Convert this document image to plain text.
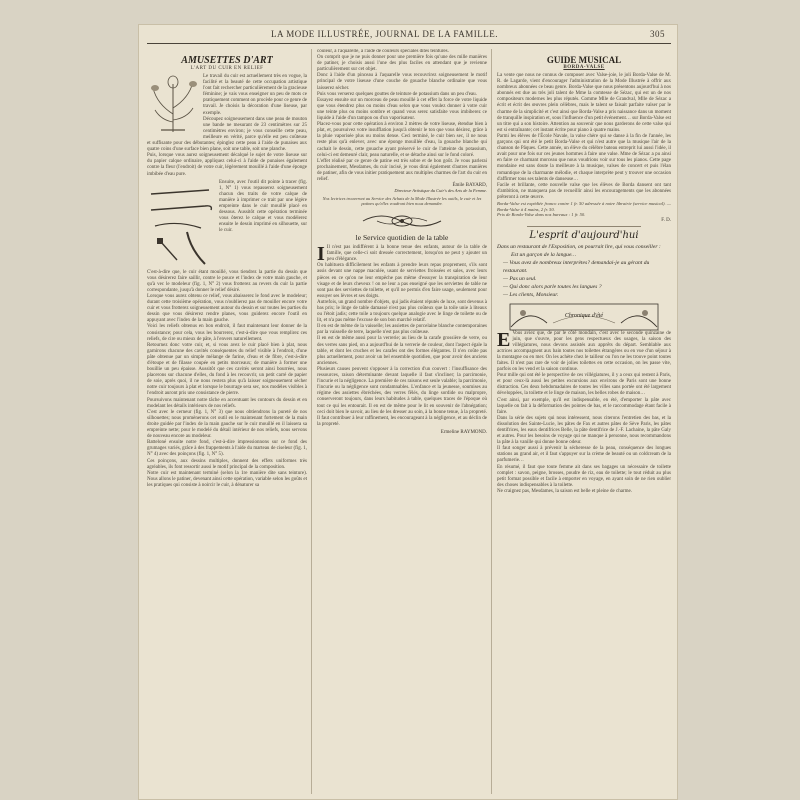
LA MODE ILLUSTRÉE, JOURNAL DE LA FAMILLE.	305
AMUSETTES D'ART
L'ART DU CUIR EN RELIEF

Le travail du cuir est actuellement très en vogue, la facilité et la beauté de cette occupation artistique l'ont fait rechercher particulièrement de la gracieuse féminine; je vais vous enseigner un peu de mots ce pratiquement comment on procède pour ce genre de travail. Je choisis la décoration d'une liseuse, par exemple.

Découpez soigneusement dans une peau de mouton une bande ne mesurant de 23 centimètres sur 25 centimètres environ; je vous conseille cette peau, meilleure en vérité, parce qu'elle est peu coûteuse et suffisante pour des débutantes; épinglez cette peau à l'aide de punaises aux quatre coins d'une surface bien plane, soit une table, soit une planche.

Puis, lorsque vous aurez soigneusement décalqué le sujet de votre liseuse sur du papier calque ordinaire, appliquez celui-ci à l'aide de punaises également contre la fleur (l'endroit) de votre cuir, légèrement mouillé à l'aide d'une éponge imbibée d'eau pure.

Ensuite, avec l'outil dit pointe à tracer (fig. 1, N° 1) vous repasserez soigneusement chacun des traits de votre calque de manière à imprimer ce trait par une légère empreinte dans le cuir mouillé placé en dessous. Aussitôt cette opération terminée vous ôterez le calque et vous modèlerez ensuite le dessin imprimé en silhouette, sur le cuir.

C'est-à-dire que, le cuir étant mouillé, vous tiendrez la partie du dessin que vous désirerez faire saillir, contre le pouce et l'index de votre main gauche, et qu'à vec le modeleur (fig. 1, N° 2) vous frotterez au revers du cuir la partie correspondante, jusqu'à donner le relief désiré.

Lorsque vous aurez obtenu ce relief, vous abaisserez le fond avec le modeleur; durant cette troisième opération, vous n'oublierez pas de mouiller encore votre cuir et vous frotterez soigneusement autour du dessin et sur toutes les parties du dessin que vous désirerez rendre planes, vous guiderez encore l'outil en appuyant avec l'index de la main gauche.

Voici les reliefs obtenus en bon endroit, il faut maintenant leur donner de la consistance; pour cela, vous les bourrerez, c'est-à-dire que vous remplirez ces reliefs, de cire ou mieux de pâte, à l'envers naturellement.

Retournez donc votre cuir, et, si vous avez le cuir placé bien à plat, nous garnirons chacune des cavités conséquentes du relief visible à l'endroit, d'une pâte obtenue par un simple mélange de farine, d'eau et de fibre, c'est-à-dire d'étoupe et de filasse coupée en petits morceaux; de manière à former une bouillie un peu épaisse. Aussitôt que ces cavités seront ainsi bourrées, nous placerons sur chacune d'elles, du fond à les recouvrir, un petit carré de papier de soie, après quoi, il ne nous restera plus qu'à laisser soigneusement sécher notre cuir toujours à plat et lorsque le bourrage sera sec, nos modèles visibles à l'endroit auront pris une consistance de pierre.

Poursuivons maintenant notre tâche en accentuant les contours du dessin et en modelant les détails intérieurs de nos reliefs.

C'est avec le cerneur (fig. 1, N° 3) que nous obtiendrons la pureté de nos silhouettes; nous promènerons cet outil en le maintenant fortement de la main droite guidée par l'index de la main gauche sur le cuir mouillé en il laissera sa empreinte nette; pour le modelé du détail intérieur de nos reliefs, nous servons de nouveau encore au modeleur.

Batteloné ensuite notre fond, c'est-à-dire impressionnons sur ce fond des grumages variés, grâce à des frappements à l'aide du marteau de ciseleur (fig. 1, N° 4) avec des poinçons (fig. 1, N° 5).

Ces poinçons, aux dessins multiples, donnent des effets uniformes très agréables, ils font ressortir aussi le motif principal de la composition.

Notre cuir est maintenant terminé (selon la 1re manière dite sans teinture). Nous allons le patiner, devenant ainsi cette opération, variable selon les goûts et les pratiques qui consiste à noircir le cuir, à dénaturer sa

couleur, à l'aquarelle, à l'aide de couleurs spéciales dites teintures.

On comprit que je ne puis donner pour une première fois qu'une des mille manières de patiner, je choisis aussi l'une des plus faciles en attendant que je revienne particulièrement sur cet objet.

Donc à l'aide d'un pinceau à l'aquarelle vous recouvrirez soigneusement le motif principal de votre liseuse d'une couche de gouache blanche ordinaire que vous laisserez sécher.

Puis vous verserez quelques gouttes de teinture de potassium dans un peu d'eau.

Essayez ensuite sur un morceau de peau mouillé à cet effet la force de votre liquide que vous étendrez plus ou moins d'eau selon que vous voulez donner à votre cuir une teinte plus ou moins sombre et quand vous serez satisfaite vous imbiberez ce liquide à l'aide d'un tampon ou d'un vaporisateur.

Placez-vous pour cette opération à environ 2 mètres de votre liseuse, étendue bien à plat, et, poursuivez votre insufflation jusqu'à obtenir le ton que vous désirez, grâce à la pluie vaporisée plus ou moins dense. Ceci terminé, le cuir bien sec, il ne nous reste plus qu'à enlever, avec une éponge mouillée d'eau, la gouache blanche qui cachait le dessin, cette gouache ayant préservé le cuir de l'atteinte du potassium, celui-ci est demeuré clair, peau naturelle, et se détache ainsi sur le fond coloré.

L'effet réalisé par ce genre de patine est très sobre et de bon goût. Je vous parlerai prochainement, Mesdames, du cuir incisé, je vous dirai également d'autres manières de patiner, afin de vous initier pratiquement aux multiples charmes de l'art du cuir en relief.

Émile BAYARD,
Directeur Artistique du Cuir's des Arts de la Femme.

Nos lectrices trouveront au Service des Achats de la Mode Illustrée les outils, le cuir et les patines qu'elles voudront bien nous demander.

le Service quotidien de la table

I Il n'est pas indifférent à la bonne tenue des enfants, autour de la table de famille, que celle-ci soit dressée correctement, lorsqu'on ne peut y ajouter un peu d'élégance.

On habituera difficilement les enfants à prendre leurs repas proprement, s'ils sont assis devant une nappe maculée, usant de serviettes froissées et sales, avec leurs pièces en ce qu'on ne leur empêche pas même d'essuyer la transpiration de leur visage et de leurs cheveux ! on ne leur a pas enseigné que les serviettes de table ne sont pas des serviettes de toilette, et qu'il ne permis d'en faire usage, seulement pour essuyer ses lèvres et ses doigts.

Autrefois, un grand nombre d'objets, qui jadis étaient réputés de luxe, sont devenus à bas prix; le linge de table damassé n'est pas plus coûteux que la toile unie à liteaux ou l'étoit jadis; cette toile a toujours quelque analogie avec le linge de toilette ou de lit, et n'a pas même l'excuse de son bon marché relatif.

Il en est de même de la vaisselle; les assiettes de porcelaine blanche contemporaines par la vaisselle de terre, laquelle n'est pas plus coûteuse.

Il en est de même aussi pour la verrerie; au lieu de la carafe grossière de verre, ou des verres sans pied, on a aujourd'hui de la verrerie de couleur, dont l'aspect égale la table, et dont les cruches et les carafes ont des formes élégantes. Il n'en coûte pas plus actuellement, pour avoir un bel ensemble quotidien, que pour avoir des anciens anciennes.

Plusieurs causes peuvent s'opposer à la correction d'un couvert : l'insuffisance des ressources, raison déterminante devant laquelle il faut s'incliner; la parcimonie, l'incurie et la négligence. La première de ces raisons est seule valable; la parcimonie, l'incurie ou la négligence sont condamnables. L'enfance et la jeunesse, soumises au régime des assiettes ébréchées, des verres fêlés, du linge sordide ou malpropre, conserveront toujours, dans leurs habitudes à table, quelques traces de l'époque où tout ce qui les entourait. Il en est de même pour le lit en souvenir de l'abnégation; ceci doit bien le savoir, au lieu de les dresser au soin, à la bonne tenue, à la propreté. Il faut contribuer à leur raffinement, les encourageant à la négligence, et au déclin de la propreté.

Ermeline RAYMOND.
GUIDE MUSICAL
BORDA-VALSE

La vente que nous ne connus de composer avec Valse-joie, le joli Borda-Valse de M. R. de Lagarde, vient d'encourager l'administration de la Mode Illustrée à offrir aux nombreux abonnées ce beau genre. Borda-Valse que nous présentons aujourd'hui à nos abonnés est due au très joli talent de Mme la comtesse de Sézac, qui est un de nos compositeurs modernes les plus réputés. Comme Mlle de Grandval, Mlle de Sézac a écrit et écrit des œuvres plein célèbres, mais le talent se faisait parfaite valser par le charme de la simplicité et c'est ainsi que Borda-Valse a pris naissance dans un moment de tranquille inspiration et, sous l'influence d'un petit événement… sur Borda-Valse est un titre qui a son histoire. Attention au souvenir que nous garderons de cette valse qui est si entraînante; cet instant écrite pour piano à quatre mains.

Parmi les élèves de l'École Navale, la valse chère qui se danse à la fin de l'année, les garçons qui ont été le petit Borda-Valse et qui n'est autre que la musique l'air de la chanson de Pâques. Cette année, un élève du célèbre bateau entreprit lui aussi l'idée, il avait pour une fois sur ces jeunes hommes à faire une valse. Mme de Sézac a pu ainsi en faire ce charmant morceau que nous voudrions voir sur tous les pianos. Cette page mondaine est sans doute la meilleure à la musique, valses de concert et puis l'élan romantique de la charmante mélodie, et chaque interprète peut y trouver une occasion d'affirmer tous ses talents de danseuse…

Facile et brillante, cette nouvelle valse que les élèves de Borda dansent ont tant d'ambition, ne manquera pas de recueillir ainsi les encouragements que les abonnées prêteront à cette œuvre.

Borda-Valse est expédiée franco contre 1 fr. 50 adressée à notre librairie (service musical). — Borda-Valse à 4 mains, 2 fr. 50.

Prix de Borda-Valse dans nos bureaux : 1 fr. 50.

F. D.
L'esprit d'aujourd'hui
Dans un restaurant de l'Exposition, on pourrait lire, qui vous conseiller :
Est un garçon de la langue…
— Vous avez de nombreux interprètes? demandai-je au gérant du restaurant.
— Pas un seul.
— Qui donc alors parle toutes les langues ?
— Les clients, Monsieur.
Chronique d'été

E Vous aviez que, de par le côté mondain, c'est avec le seconde quinzaine de juin, que s'ouvre, pour les gens respectueux des usages, la saison des villégiatures, nous devons assistés aux apprêts du départ. Semblable aux actrices accompagnent aux bain toutes nos toilettes étrangères ou en vue d'un séjour à la montagne ou en mer. On les achète chez le tailleur ou l'on ne les trouve point toutes faites. Il n'est pas rare de voir de jolies toilettes en cette occasion, on les passe vite, parfois on les vend et la saison continue.

Pour mille qui ont été le perspective de ces villégiatures, il y a ceux qui restent à Paris, et pour ceux-là aussi les petites excursions aux environs de Paris sont une bonne distraction. Ces deux hebdomadaires de toutes les villes sans portée ont été largement développées, la toilette et le linge de maison, les belles robes de maison…

C'est ainsi, par exemple, qu'il est indispensable, en été, d'emporter la pâte avec laquelle on fait à la déformation des pointes de bas, et le raccommodage étant facile à faire.

Dans la série des sujets qui nous intéressent, nous citerons l'entretien des bas, et la dissolution des Sainte-Lucie, les pâtes de Fax et autres pâtes de Sève Paris, les pâtes dentifrices, les eaux dentifrices Belle, la pâte dentifrice de J.-F. Lachaine, la pâte Galy et autres. Pour les besoins de voyage qui ne manque à personne, nous recommandons la pâte à la vanille qui donne bonne odeur.

Il faut songer aussi à prévenir la sécheresse de la peau, conséquence des longues stations au grand air, et il faut s'appuyer sur la crème de beauté ou un coldcream de la parfumerie…

En résumé, il faut que toute femme ait dans ses bagages un nécessaire de toilette complet : savon, peigne, brosses, poudre de riz, eau de toilette; le tout réduit au plus petit format possible et facile à emporter en voyage, en ayant soin de ne rien oublier des choses indispensables à la toilette.

Ne craignez pas, Mesdames, la saison est belle et pleine de charme.
